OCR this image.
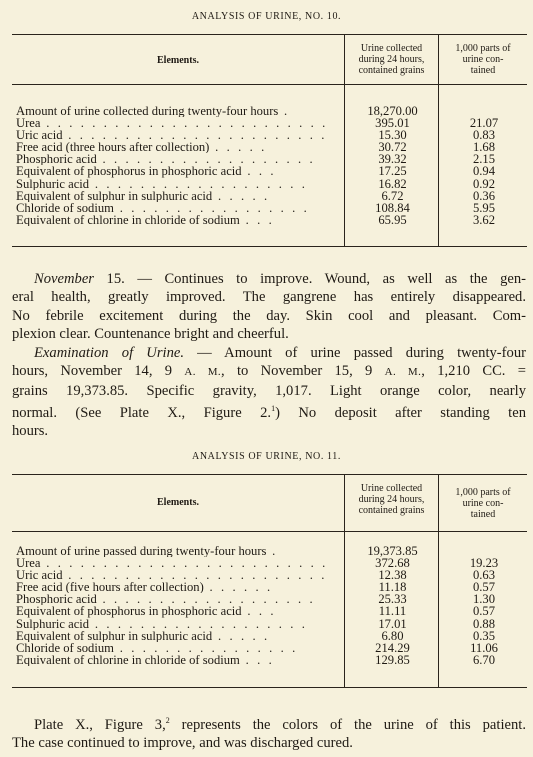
ANALYSIS OF URINE, NO. 10.
Elements.
Urine collected
during 24 hours,
contained grains
1,000 parts of
urine con-
tained
Amount of urine collected during twenty-four hours .	18,270.00
Urea . . . . . . . . . . . . . . . . . . . . . . . . .	395.01	21.07
Uric acid . . . . . . . . . . . . . . . . . . . . . . .	15.30	0.83
Free acid (three hours after collection) . . . . .	30.72	1.68
Phosphoric acid . . . . . . . . . . . . . . . . . . .	39.32	2.15
Equivalent of phosphorus in phosphoric acid . . .	17.25	0.94
Sulphuric acid . . . . . . . . . . . . . . . . . . .	16.82	0.92
Equivalent of sulphur in sulphuric acid . . . . .	6.72	0.36
Chloride of sodium . . . . . . . . . . . . . . . . .	108.84	5.95
Equivalent of chlorine in chloride of sodium . . .	65.95	3.62
November 15. — Continues to improve. Wound, as well as the gen-
eral health, greatly improved. The gangrene has entirely disappeared.
No febrile excitement during the day. Skin cool and pleasant. Com-
plexion clear. Countenance bright and cheerful.
Examination of Urine. — Amount of urine passed during twenty-four
hours, November 14, 9 A. M., to November 15, 9 A. M., 1,210 CC. =
grains 19,373.85. Specific gravity, 1,017. Light orange color, nearly
normal. (See Plate X., Figure 2.$^1$) No deposit after standing ten
hours.
ANALYSIS OF URINE, NO. 11.
Elements.
Urine collected
during 24 hours,
contained grains
1,000 parts of
urine con-
tained
Amount of urine passed during twenty-four hours .	19,373.85
Urea . . . . . . . . . . . . . . . . . . . . . . . . .	372.68	19.23
Uric acid . . . . . . . . . . . . . . . . . . . . . . .	12.38	0.63
Free acid (five hours after collection) . . . . . .	11.18	0.57
Phosphoric acid . . . . . . . . . . . . . . . . . . .	25.33	1.30
Equivalent of phosphorus in phosphoric acid . . .	11.11	0.57
Sulphuric acid . . . . . . . . . . . . . . . . . . .	17.01	0.88
Equivalent of sulphur in sulphuric acid . . . . .	6.80	0.35
Chloride of sodium . . . . . . . . . . . . . . . .	214.29	11.06
Equivalent of chlorine in chloride of sodium . . .	129.85	6.70
Plate X., Figure 3,$^2$ represents the colors of the urine of this patient.
The case continued to improve, and was discharged cured.
